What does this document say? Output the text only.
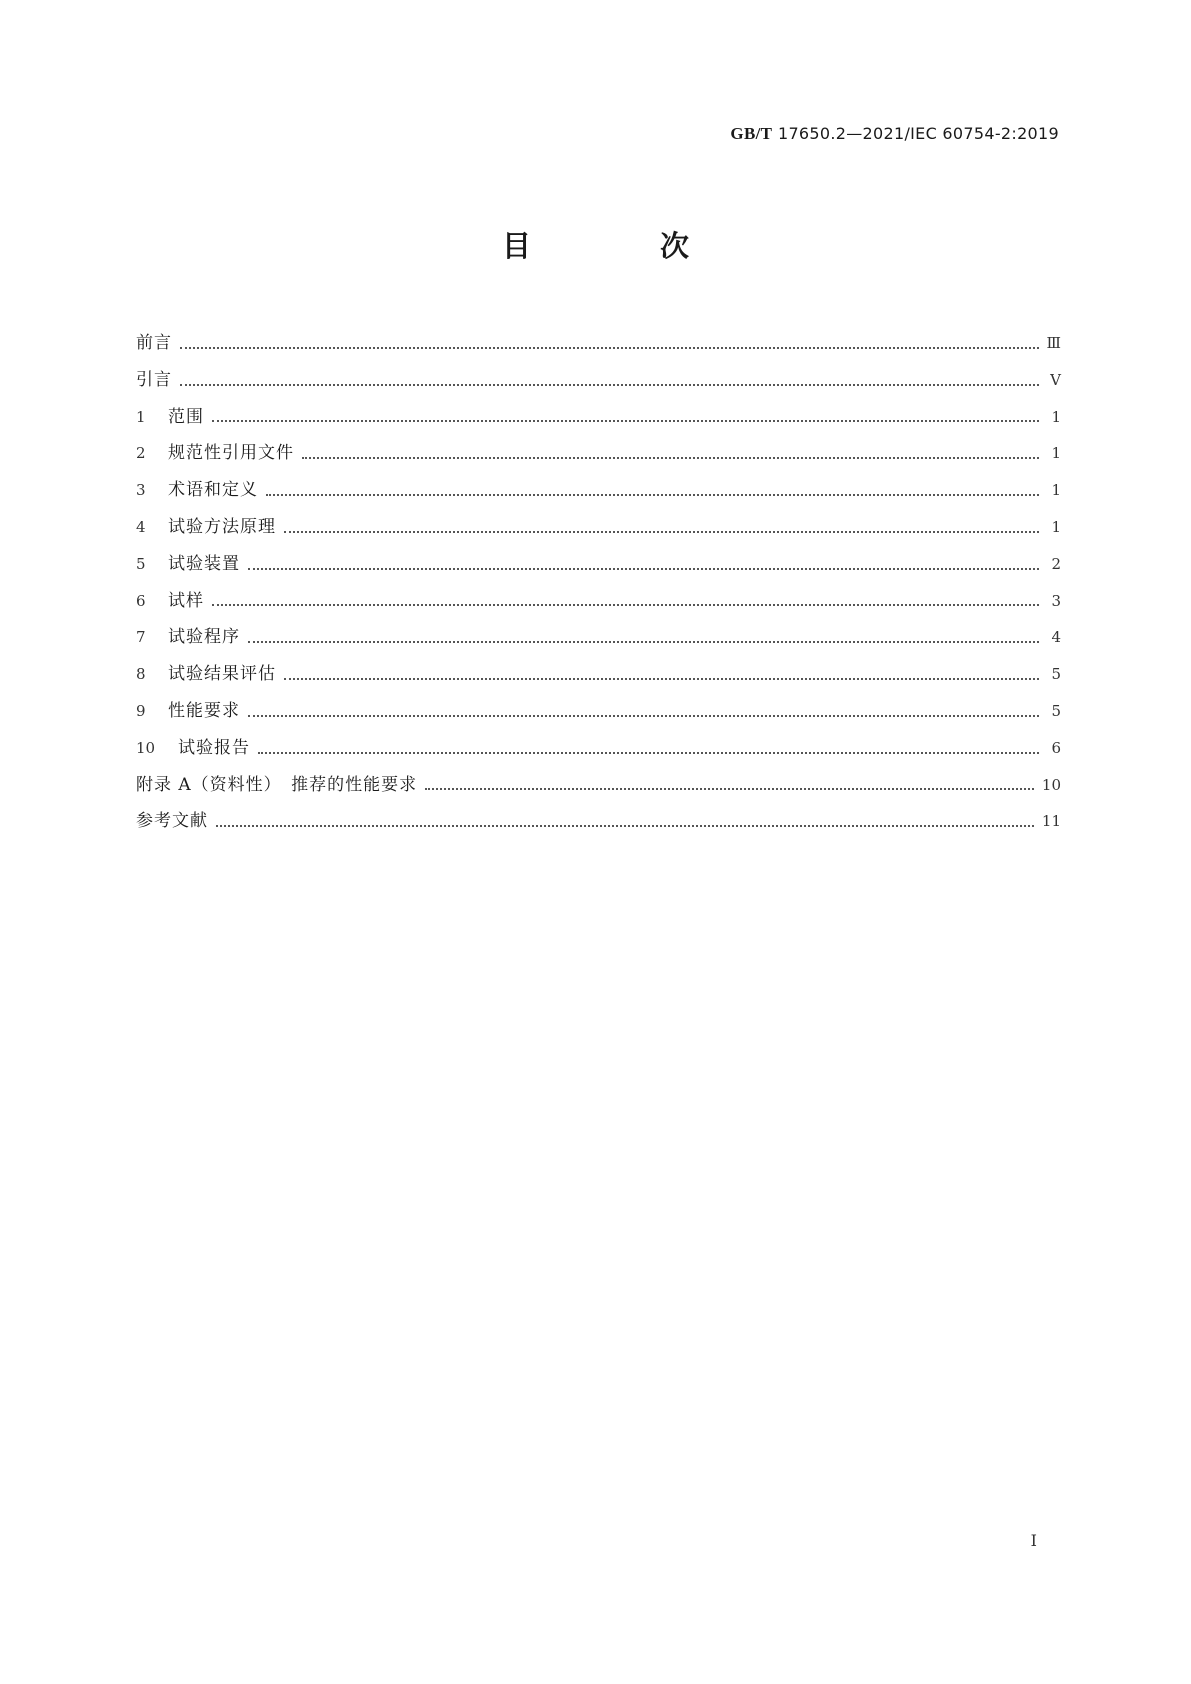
GB/T 17650.2—2021/IEC 60754-2:2019
目　次
前言	Ⅲ
引言	Ⅴ
1	范围	1
2	规范性引用文件	1
3	术语和定义	1
4	试验方法原理	1
5	试验装置	2
6	试样	3
7	试验程序	4
8	试验结果评估	5
9	性能要求	5
10	试验报告	6
附录 A（资料性）　推荐的性能要求	10
参考文献	11
I
